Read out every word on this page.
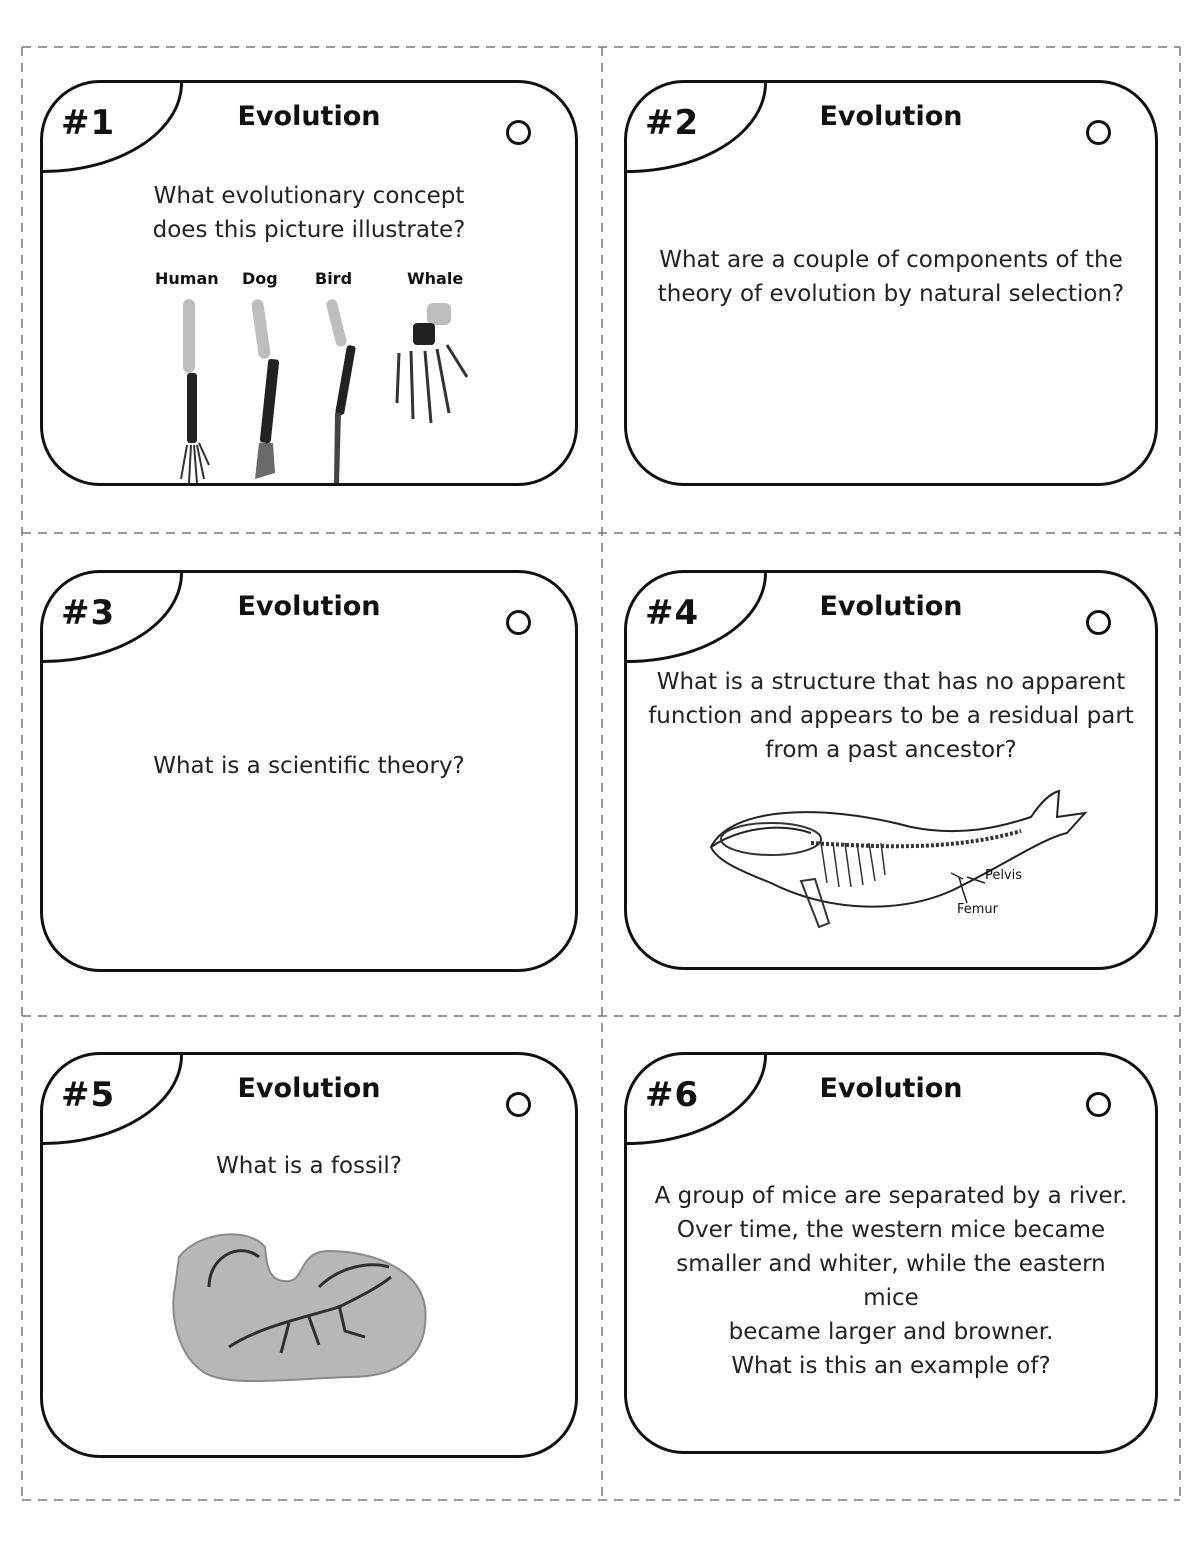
#1	Evolution
What evolutionary concept
does this picture illustrate?
Human Dog Bird	Whale
#2	Evolution
What are a couple of components of the
theory of evolution by natural selection?
#3	Evolution
What is a scientific theory?
#4	Evolution
What is a structure that has no apparent
function and appears to be a residual part
from a past ancestor?
Pelvis
Femur
#5	Evolution
What is a fossil?
#6	Evolution
A group of mice are separated by a river.
Over time, the western mice became
smaller and whiter, while the eastern mice
became larger and browner.
What is this an example of?
